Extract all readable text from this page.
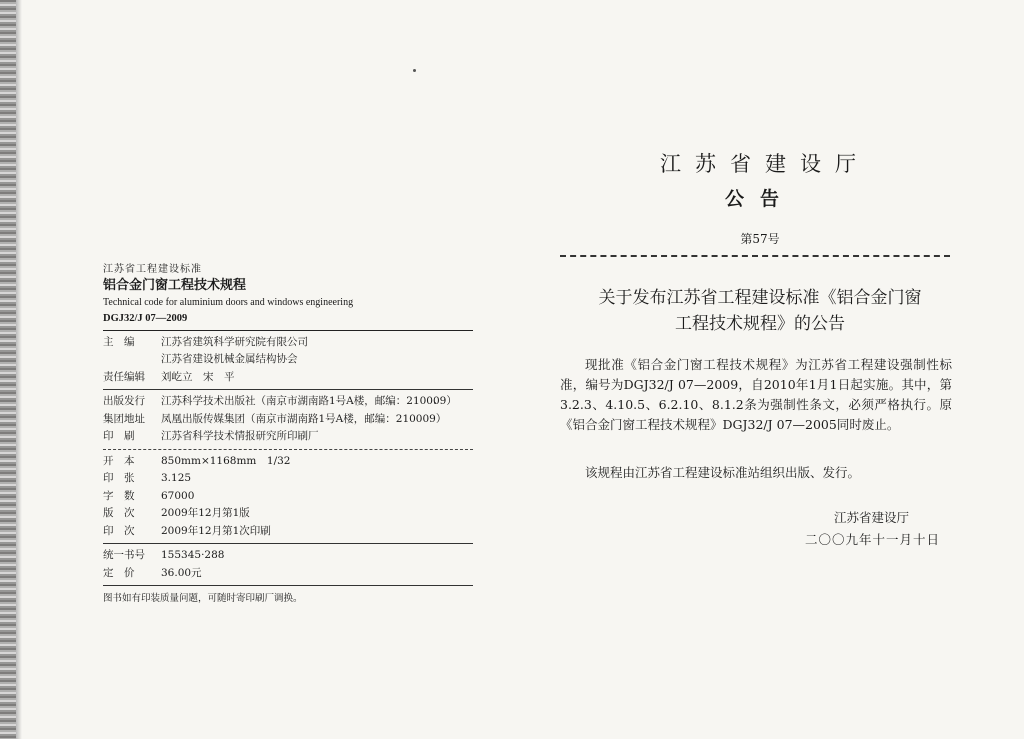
江苏省工程建设标准
铝合金门窗工程技术规程
Technical code for aluminium doors and windows engineering
DGJ32/J 07—2009
主　编	江苏省建筑科学研究院有限公司
江苏省建设机械金属结构协会
责任编辑	刘屹立　宋　平
出版发行	江苏科学技术出版社（南京市湖南路1号A楼，邮编：210009）
集团地址	凤凰出版传媒集团（南京市湖南路1号A楼，邮编：210009）
印　刷	江苏省科学技术情报研究所印刷厂
开　本	850mm×1168mm　1/32
印　张	3.125
字　数	67000
版　次	2009年12月第1版
印　次	2009年12月第1次印刷
统一书号	155345·288
定　价	36.00元
图书如有印装质量问题，可随时寄印刷厂调换。
江苏省建设厅
公告
第57号
关于发布江苏省工程建设标准《铝合金门窗
工程技术规程》的公告

现批准《铝合金门窗工程技术规程》为江苏省工程建设强制性标准，编号为DGJ32/J 07—2009，自2010年1月1日起实施。其中，第3.2.3、4.10.5、6.2.10、8.1.2条为强制性条文，必须严格执行。原《铝合金门窗工程技术规程》DGJ32/J 07—2005同时废止。

该规程由江苏省工程建设标准站组织出版、发行。

江苏省建设厅
二〇〇九年十一月十日
